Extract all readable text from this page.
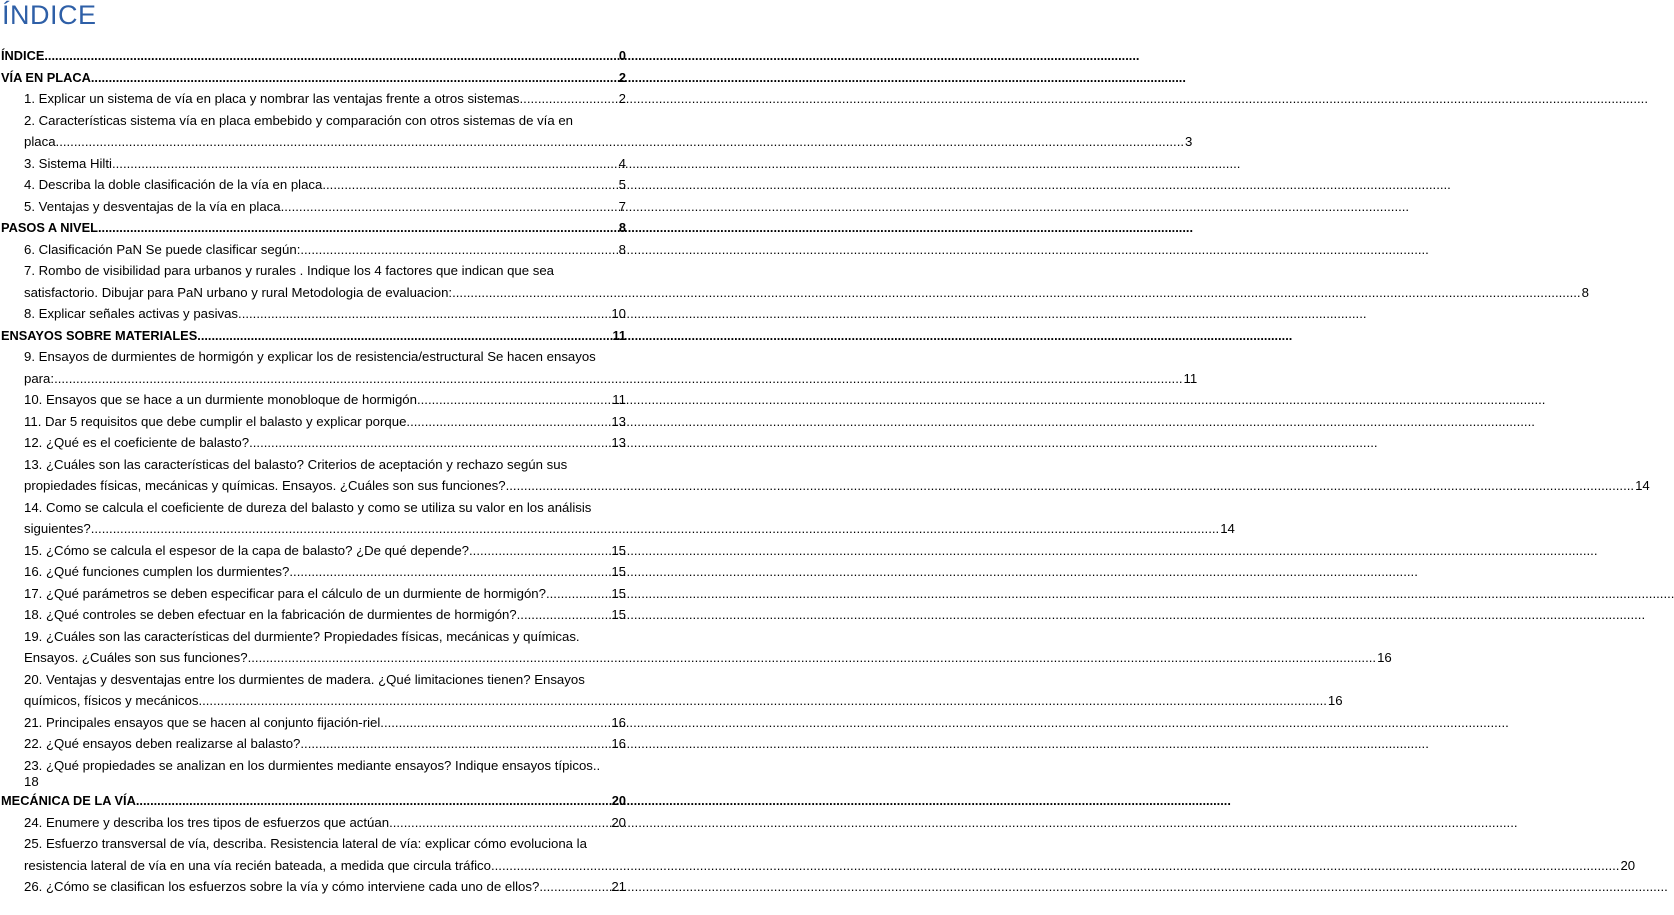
ÍNDICE
ÍNDICE .....	0
VÍA EN PLACA .....	2
1. Explicar un sistema de vía en placa y nombrar las ventajas frente a otros sistemas .....	2
2. Características sistema vía en placa embebido y comparación con otros sistemas de vía en
placa .....	3
3. Sistema Hilti .....	4
4. Describa la doble clasificación de la vía en placa .....	5
5. Ventajas y desventajas de la vía en placa .....	7
PASOS A NIVEL .....	8
6. Clasificación PaN Se puede clasificar según: .....	8
7. Rombo de visibilidad para urbanos y rurales . Indique los 4 factores que indican que sea
satisfactorio. Dibujar para PaN urbano y rural Metodologia de evaluacion: .....	8
8. Explicar señales activas y pasivas .....	10
ENSAYOS SOBRE MATERIALES .....	11
9. Ensayos de durmientes de hormigón y explicar los de resistencia/estructural Se hacen ensayos
para: .....	11
10. Ensayos que se hace a un durmiente monobloque de hormigón .....	11
11. Dar 5 requisitos que debe cumplir el balasto y explicar porque .....	13
12. ¿Qué es el coeficiente de balasto? .....	13
13. ¿Cuáles son las características del balasto? Criterios de aceptación y rechazo según sus
propiedades físicas, mecánicas y químicas. Ensayos. ¿Cuáles son sus funciones? .....	14
14. Como se calcula el coeficiente de dureza del balasto y como se utiliza su valor en los análisis
siguientes? .....	14
15. ¿Cómo se calcula el espesor de la capa de balasto? ¿De qué depende? .....	15
16. ¿Qué funciones cumplen los durmientes? .....	15
17. ¿Qué parámetros se deben especificar para el cálculo de un durmiente de hormigón? .....	15
18. ¿Qué controles se deben efectuar en la fabricación de durmientes de hormigón? .....	15
19. ¿Cuáles son las características del durmiente? Propiedades físicas, mecánicas y químicas.
Ensayos. ¿Cuáles son sus funciones? .....	16
20. Ventajas y desventajas entre los durmientes de madera. ¿Qué limitaciones tienen? Ensayos
químicos, físicos y mecánicos .....	16
21. Principales ensayos que se hacen al conjunto fijación-riel .....	16
22. ¿Qué ensayos deben realizarse al balasto? .....	16
23. ¿Qué propiedades se analizan en los durmientes mediante ensayos? Indique ensayos típicos..
18
MECÁNICA DE LA VÍA .....	20
24. Enumere y describa los tres tipos de esfuerzos que actúan .....	20
25. Esfuerzo transversal de vía, describa. Resistencia lateral de vía: explicar cómo evoluciona la
resistencia lateral de vía en una vía recién bateada, a medida que circula tráfico .....	20
26. ¿Cómo se clasifican los esfuerzos sobre la vía y cómo interviene cada uno de ellos? .....	21
